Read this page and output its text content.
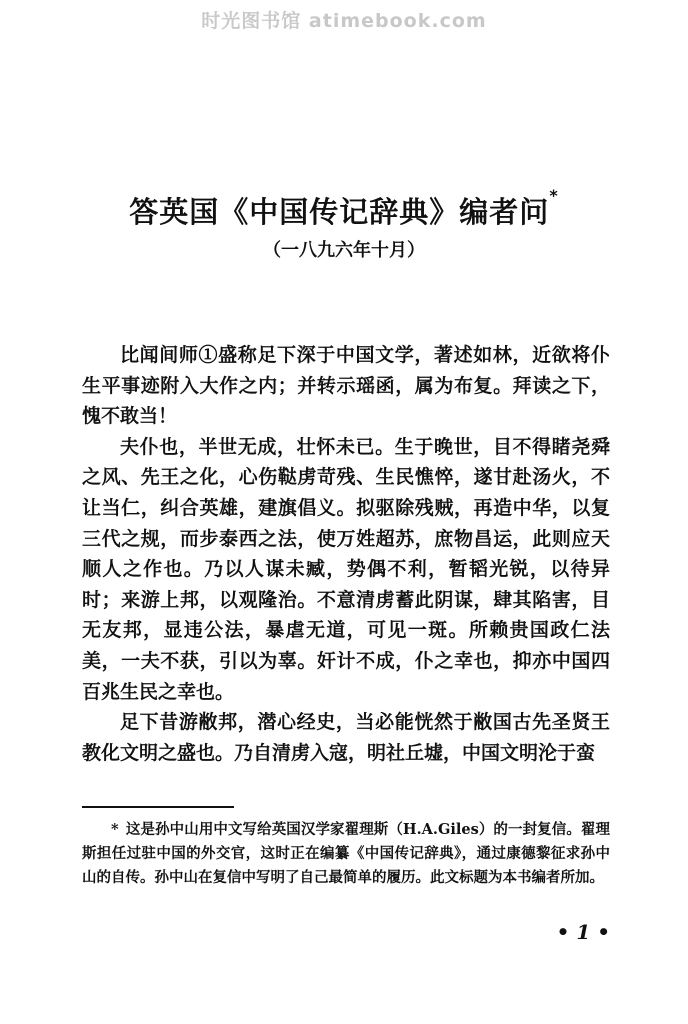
时光图书馆 atimebook.com
答英国《中国传记辞典》编者问*
（一八九六年十月）

比闻间师①盛称足下深于中国文学，著述如林，近欲将仆生平事迹附入大作之内；并转示瑶函，属为布复。拜读之下，愧不敢当！

夫仆也，半世无成，壮怀未已。生于晚世，目不得睹尧舜之风、先王之化，心伤鞑虏苛残、生民憔悴，遂甘赴汤火，不让当仁，纠合英雄，建旗倡义。拟驱除残贼，再造中华，以复三代之规，而步泰西之法，使万姓超苏，庶物昌运，此则应天顺人之作也。乃以人谋未臧，势偶不利，暂韬光锐，以待异时；来游上邦，以观隆治。不意清虏蓄此阴谋，肆其陷害，目无友邦，显违公法，暴虐无道，可见一斑。所赖贵国政仁法美，一夫不获，引以为辜。奸计不成，仆之幸也，抑亦中国四百兆生民之幸也。

足下昔游敝邦，潜心经史，当必能恍然于敝国古先圣贤王教化文明之盛也。乃自清虏入寇，明社丘墟，中国文明沦于蛮

* 这是孙中山用中文写给英国汉学家翟理斯（H.A.Giles）的一封复信。翟理斯担任过驻中国的外交官，这时正在编纂《中国传记辞典》，通过康德黎征求孙中山的自传。孙中山在复信中写明了自己最简单的履历。此文标题为本书编者所加。
• 1 •
